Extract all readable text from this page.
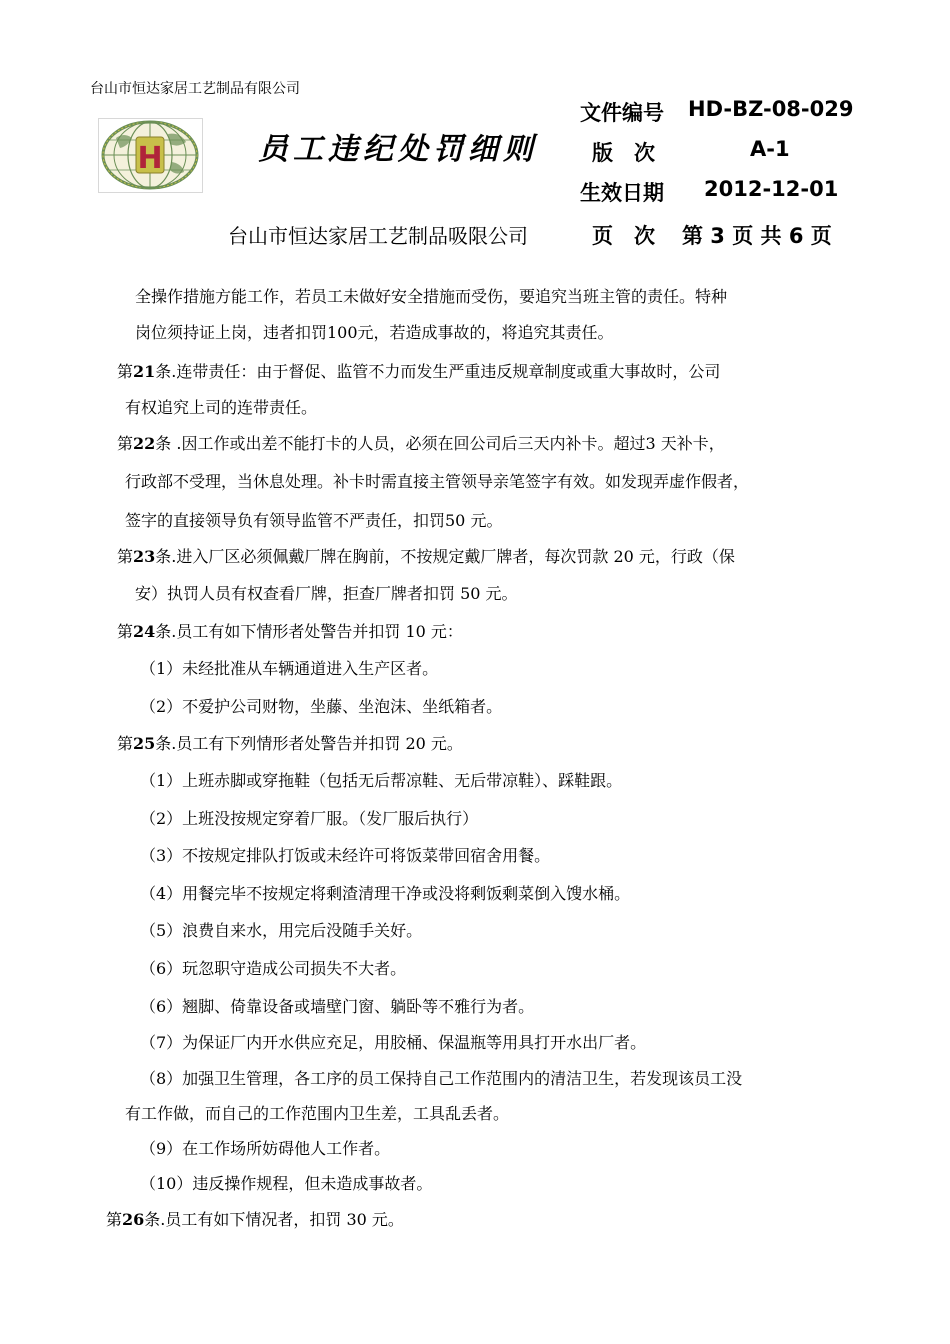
台山市恒达家居工艺制品有限公司
H	员工违纪处罚细则
文件编号 HD-BZ-08-029
版　次	A-1
生效日期 2012-12-01
台山市恒达家居工艺制品吸限公司	页　次 第 3 页 共 6 页
全操作措施方能工作，若员工未做好安全措施而受伤，要追究当班主管的责任。特种
岗位须持证上岗，违者扣罚100元，若造成事故的，将追究其责任。
第21条.连带责任：由于督促、监管不力而发生严重违反规章制度或重大事故时，公司
有权追究上司的连带责任。
第22条 .因工作或出差不能打卡的人员，必须在回公司后三天内补卡。超过3 天补卡，
行政部不受理，当休息处理。补卡时需直接主管领导亲笔签字有效。如发现弄虚作假者，
签字的直接领导负有领导监管不严责任，扣罚50 元。
第23条.进入厂区必须佩戴厂牌在胸前，不按规定戴厂牌者，每次罚款 20 元，行政（保
安）执罚人员有权查看厂牌，拒查厂牌者扣罚 50 元。
第24条.员工有如下情形者处警告并扣罚 10 元：
（1）未经批准从车辆通道进入生产区者。
（2）不爱护公司财物，坐藤、坐泡沫、坐纸箱者。
第25条.员工有下列情形者处警告并扣罚 20 元。
（1）上班赤脚或穿拖鞋（包括无后帮凉鞋、无后带凉鞋）、踩鞋跟。
（2）上班没按规定穿着厂服。（发厂服后执行）
（3）不按规定排队打饭或未经许可将饭菜带回宿舍用餐。
（4）用餐完毕不按规定将剩渣清理干净或没将剩饭剩菜倒入馊水桶。
（5）浪费自来水，用完后没随手关好。
（6）玩忽职守造成公司损失不大者。
（6）翘脚、倚靠设备或墙壁门窗、躺卧等不雅行为者。
（7）为保证厂内开水供应充足，用胶桶、保温瓶等用具打开水出厂者。
（8）加强卫生管理，各工序的员工保持自己工作范围内的清洁卫生，若发现该员工没
有工作做，而自己的工作范围内卫生差，工具乱丢者。
（9）在工作场所妨碍他人工作者。
（10）违反操作规程，但未造成事故者。
第26条.员工有如下情况者，扣罚 30 元。
